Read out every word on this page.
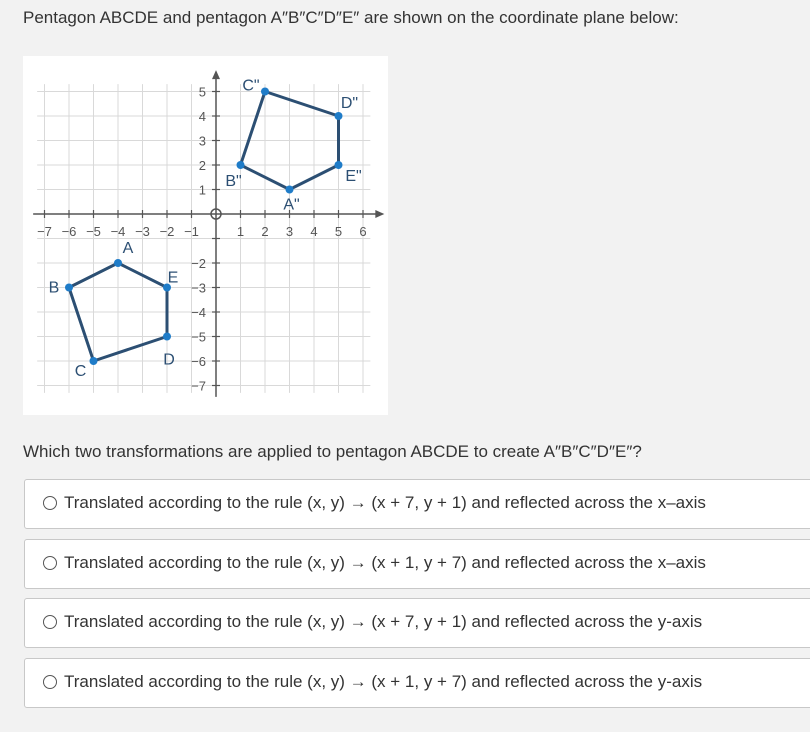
Pentagon ABCDE and pentagon A″B″C″D″E″ are shown on the coordinate plane below:
−7 −6 −5 −4 −3 −2 −1	1 2 3 4 5 6
5
4
3
2
1
−2
−3
−4
−5
−6
−7
A
B
C
D
E
A"
B"
C"
D"
E"
Which two transformations are applied to pentagon ABCDE to create A″B″C″D″E″?
Translated according to the rule (x, y) → (x + 7, y + 1) and reflected across the x–axis
Translated according to the rule (x, y) → (x + 1, y + 7) and reflected across the x–axis
Translated according to the rule (x, y) → (x + 7, y + 1) and reflected across the y-axis
Translated according to the rule (x, y) → (x + 1, y + 7) and reflected across the y-axis
